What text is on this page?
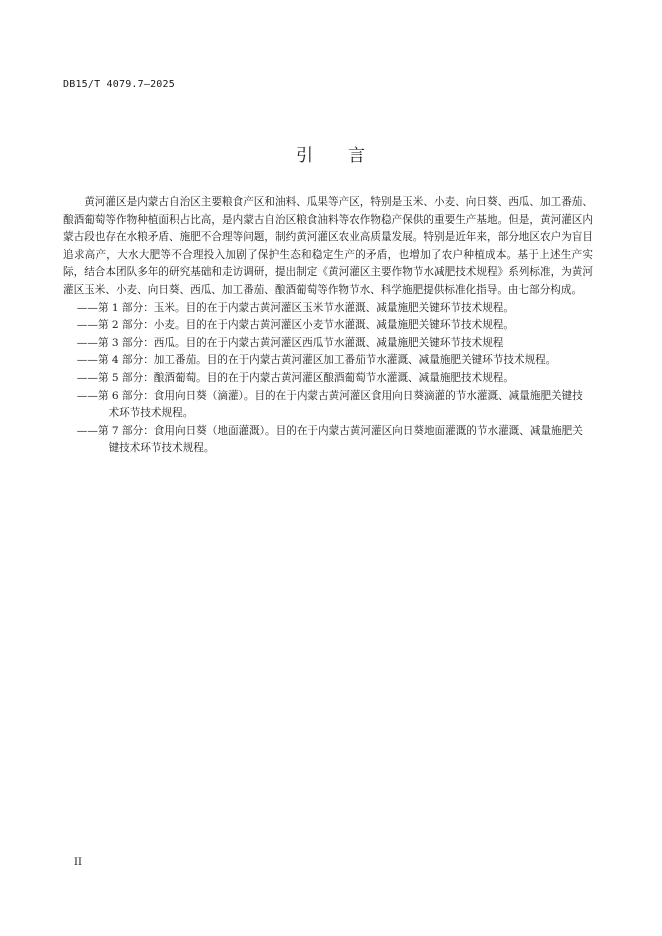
DB15/T 4079.7—2025
引 言

黄河灌区是内蒙古自治区主要粮食产区和油料、瓜果等产区，特别是玉米、小麦、向日葵、西瓜、加工番茄、酿酒葡萄等作物种植面积占比高，是内蒙古自治区粮食油料等农作物稳产保供的重要生产基地。但是，黄河灌区内蒙古段也存在水粮矛盾、施肥不合理等问题，制约黄河灌区农业高质量发展。特别是近年来，部分地区农户为盲目追求高产，大水大肥等不合理投入加剧了保护生态和稳定生产的矛盾，也增加了农户种植成本。基于上述生产实际，结合本团队多年的研究基础和走访调研，提出制定《黄河灌区主要作物节水减肥技术规程》系列标准，为黄河灌区玉米、小麦、向日葵、西瓜、加工番茄、酿酒葡萄等作物节水、科学施肥提供标准化指导。由七部分构成。

——第 1 部分：玉米。目的在于内蒙古黄河灌区玉米节水灌溉、减量施肥关键环节技术规程。
——第 2 部分：小麦。目的在于内蒙古黄河灌区小麦节水灌溉、减量施肥关键环节技术规程。
——第 3 部分：西瓜。目的在于内蒙古黄河灌区西瓜节水灌溉、减量施肥关键环节技术规程
——第 4 部分：加工番茄。目的在于内蒙古黄河灌区加工番茄节水灌溉、减量施肥关键环节技术规程。
——第 5 部分：酿酒葡萄。目的在于内蒙古黄河灌区酿酒葡萄节水灌溉、减量施肥技术规程。
——第 6 部分：食用向日葵（滴灌）。目的在于内蒙古黄河灌区食用向日葵滴灌的节水灌溉、减量施肥关键技术环节技术规程。
——第 7 部分：食用向日葵（地面灌溉）。目的在于内蒙古黄河灌区向日葵地面灌溉的节水灌溉、减量施肥关键技术环节技术规程。
II
